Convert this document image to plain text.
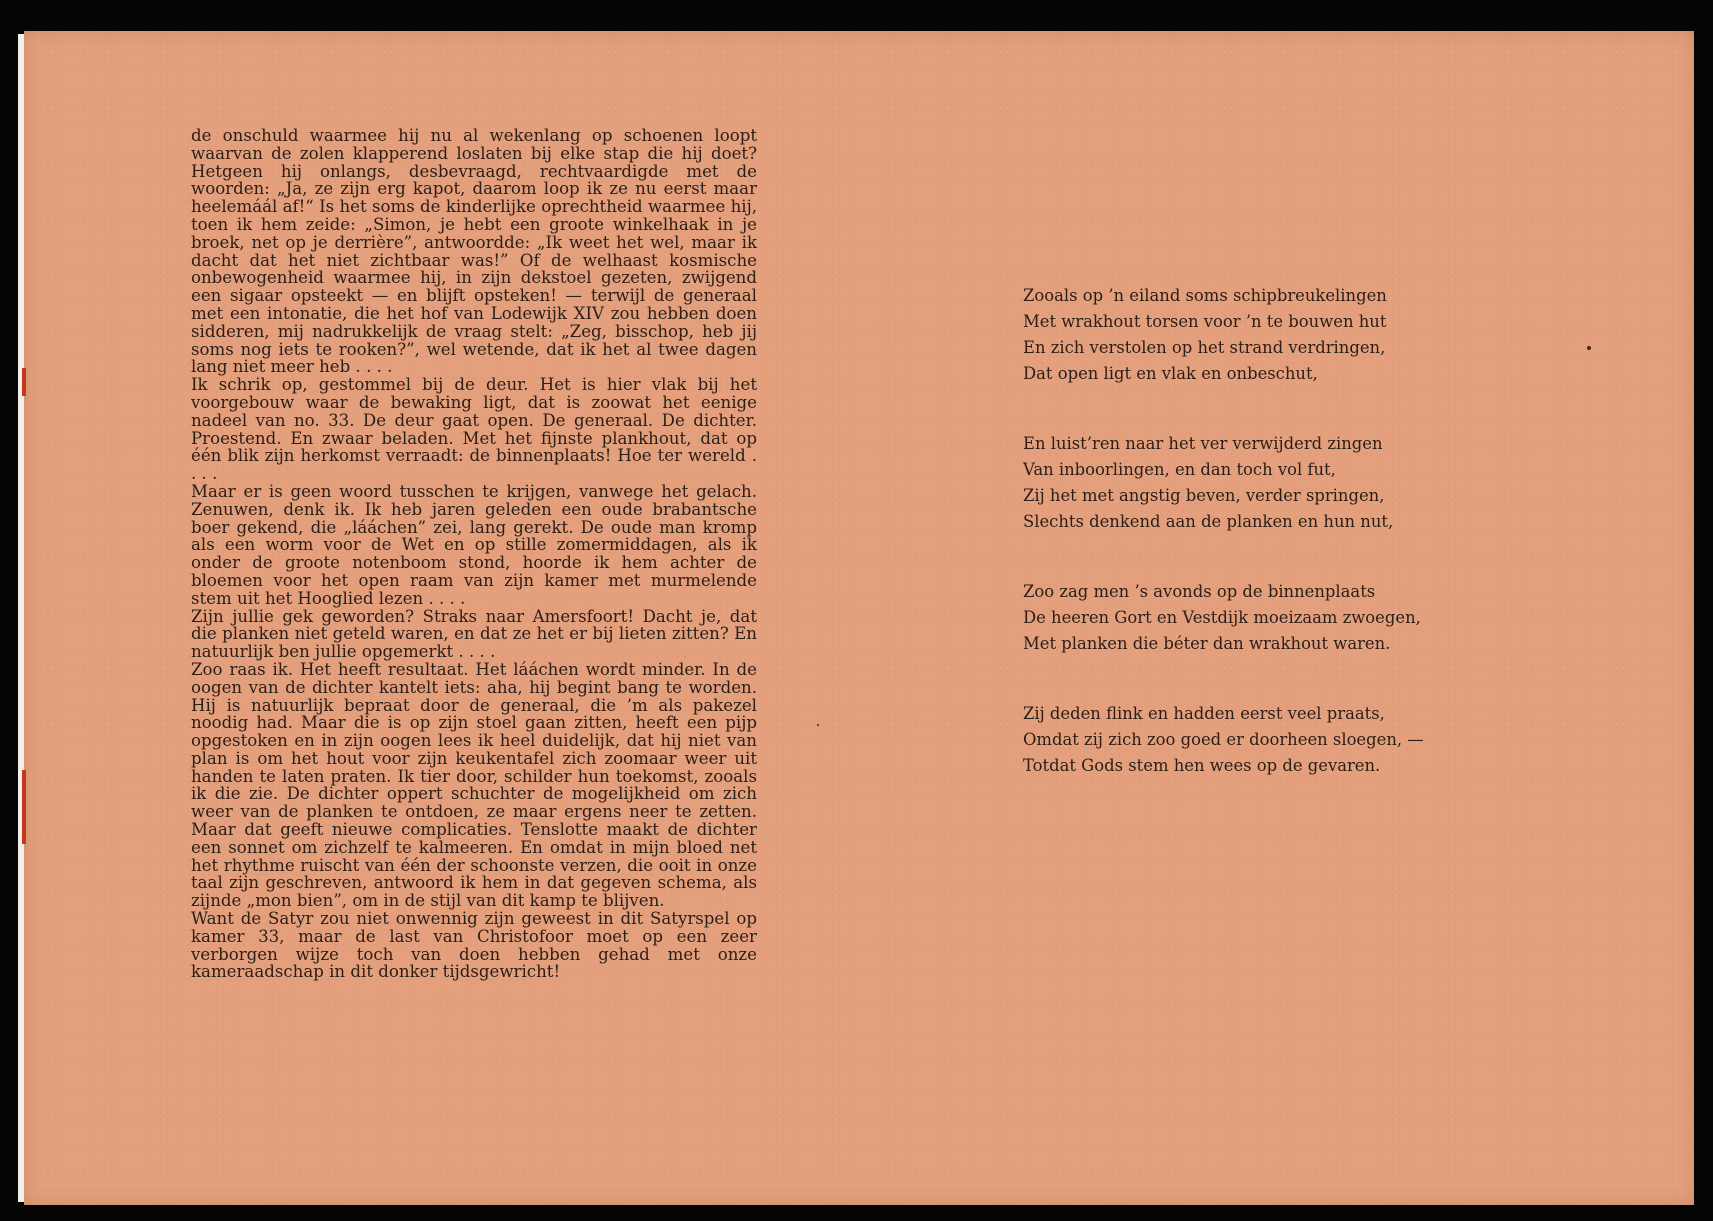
de onschuld waarmee hij nu al wekenlang op schoenen loopt waarvan de zolen klapperend loslaten bij elke stap die hij doet? Hetgeen hij onlangs, desbevraagd, rechtvaardigde met de woorden: „Ja, ze zijn erg kapot, daarom loop ik ze nu eerst maar heelemáál af!“ Is het soms de kinderlijke oprechtheid waarmee hij, toen ik hem zeide: „Simon, je hebt een groote winkelhaak in je broek, net op je derrière”, antwoordde: „Ik weet het wel, maar ik dacht dat het niet zichtbaar was!” Of de welhaast kosmische onbewogenheid waarmee hij, in zijn dekstoel gezeten, zwijgend een sigaar opsteekt — en blijft opsteken! — terwijl de generaal met een intonatie, die het hof van Lodewijk XIV zou hebben doen sidderen, mij nadrukkelijk de vraag stelt: „Zeg, bisschop, heb jij soms nog iets te rooken?”, wel wetende, dat ik het al twee dagen lang niet meer heb . . . .

Ik schrik op, gestommel bij de deur. Het is hier vlak bij het voorgebouw waar de bewaking ligt, dat is zoowat het eenige nadeel van no. 33. De deur gaat open. De generaal. De dichter. Proestend. En zwaar beladen. Met het fijnste plankhout, dat op één blik zijn herkomst verraadt: de binnenplaats! Hoe ter wereld . . . .

Maar er is geen woord tusschen te krijgen, vanwege het gelach. Zenuwen, denk ik. Ik heb jaren geleden een oude brabantsche boer gekend, die „lááchen” zei, lang gerekt. De oude man kromp als een worm voor de Wet en op stille zomermiddagen, als ik onder de groote notenboom stond, hoorde ik hem achter de bloemen voor het open raam van zijn kamer met murmelende stem uit het Hooglied lezen . . . .

Zijn jullie gek geworden? Straks naar Amersfoort! Dacht je, dat die planken niet geteld waren, en dat ze het er bij lieten zitten? En natuurlijk ben jullie opgemerkt . . . .

Zoo raas ik. Het heeft resultaat. Het lááchen wordt minder. In de oogen van de dichter kantelt iets: aha, hij begint bang te worden. Hij is natuurlijk bepraat door de generaal, die ’m als pakezel noodig had. Maar die is op zijn stoel gaan zitten, heeft een pijp opgestoken en in zijn oogen lees ik heel duidelijk, dat hij niet van plan is om het hout voor zijn keukentafel zich zoomaar weer uit handen te laten praten. Ik tier door, schilder hun toekomst, zooals ik die zie. De dichter oppert schuchter de mogelijkheid om zich weer van de planken te ontdoen, ze maar ergens neer te zetten. Maar dat geeft nieuwe complicaties. Tenslotte maakt de dichter een sonnet om zichzelf te kalmeeren. En omdat in mijn bloed net het rhythme ruischt van één der schoonste verzen, die ooit in onze taal zijn geschreven, antwoord ik hem in dat gegeven schema, als zijnde „mon bien”, om in de stijl van dit kamp te blijven.

Want de Satyr zou niet onwennig zijn geweest in dit Satyrspel op kamer 33, maar de last van Christofoor moet op een zeer verborgen wijze toch van doen hebben gehad met onze kameraadschap in dit donker tijdsgewricht!

Zooals op ’n eiland soms schipbreukelingen
Met wrakhout torsen voor ’n te bouwen hut
En zich verstolen op het strand verdringen,
Dat open ligt en vlak en onbeschut,
En luist’ren naar het ver verwijderd zingen
Van inboorlingen, en dan toch vol fut,
Zij het met angstig beven, verder springen,
Slechts denkend aan de planken en hun nut,
Zoo zag men ’s avonds op de binnenplaats
De heeren Gort en Vestdijk moeizaam zwoegen,
Met planken die béter dan wrakhout waren.
Zij deden flink en hadden eerst veel praats,
Omdat zij zich zoo goed er doorheen sloegen, —
Totdat Gods stem hen wees op de gevaren.
